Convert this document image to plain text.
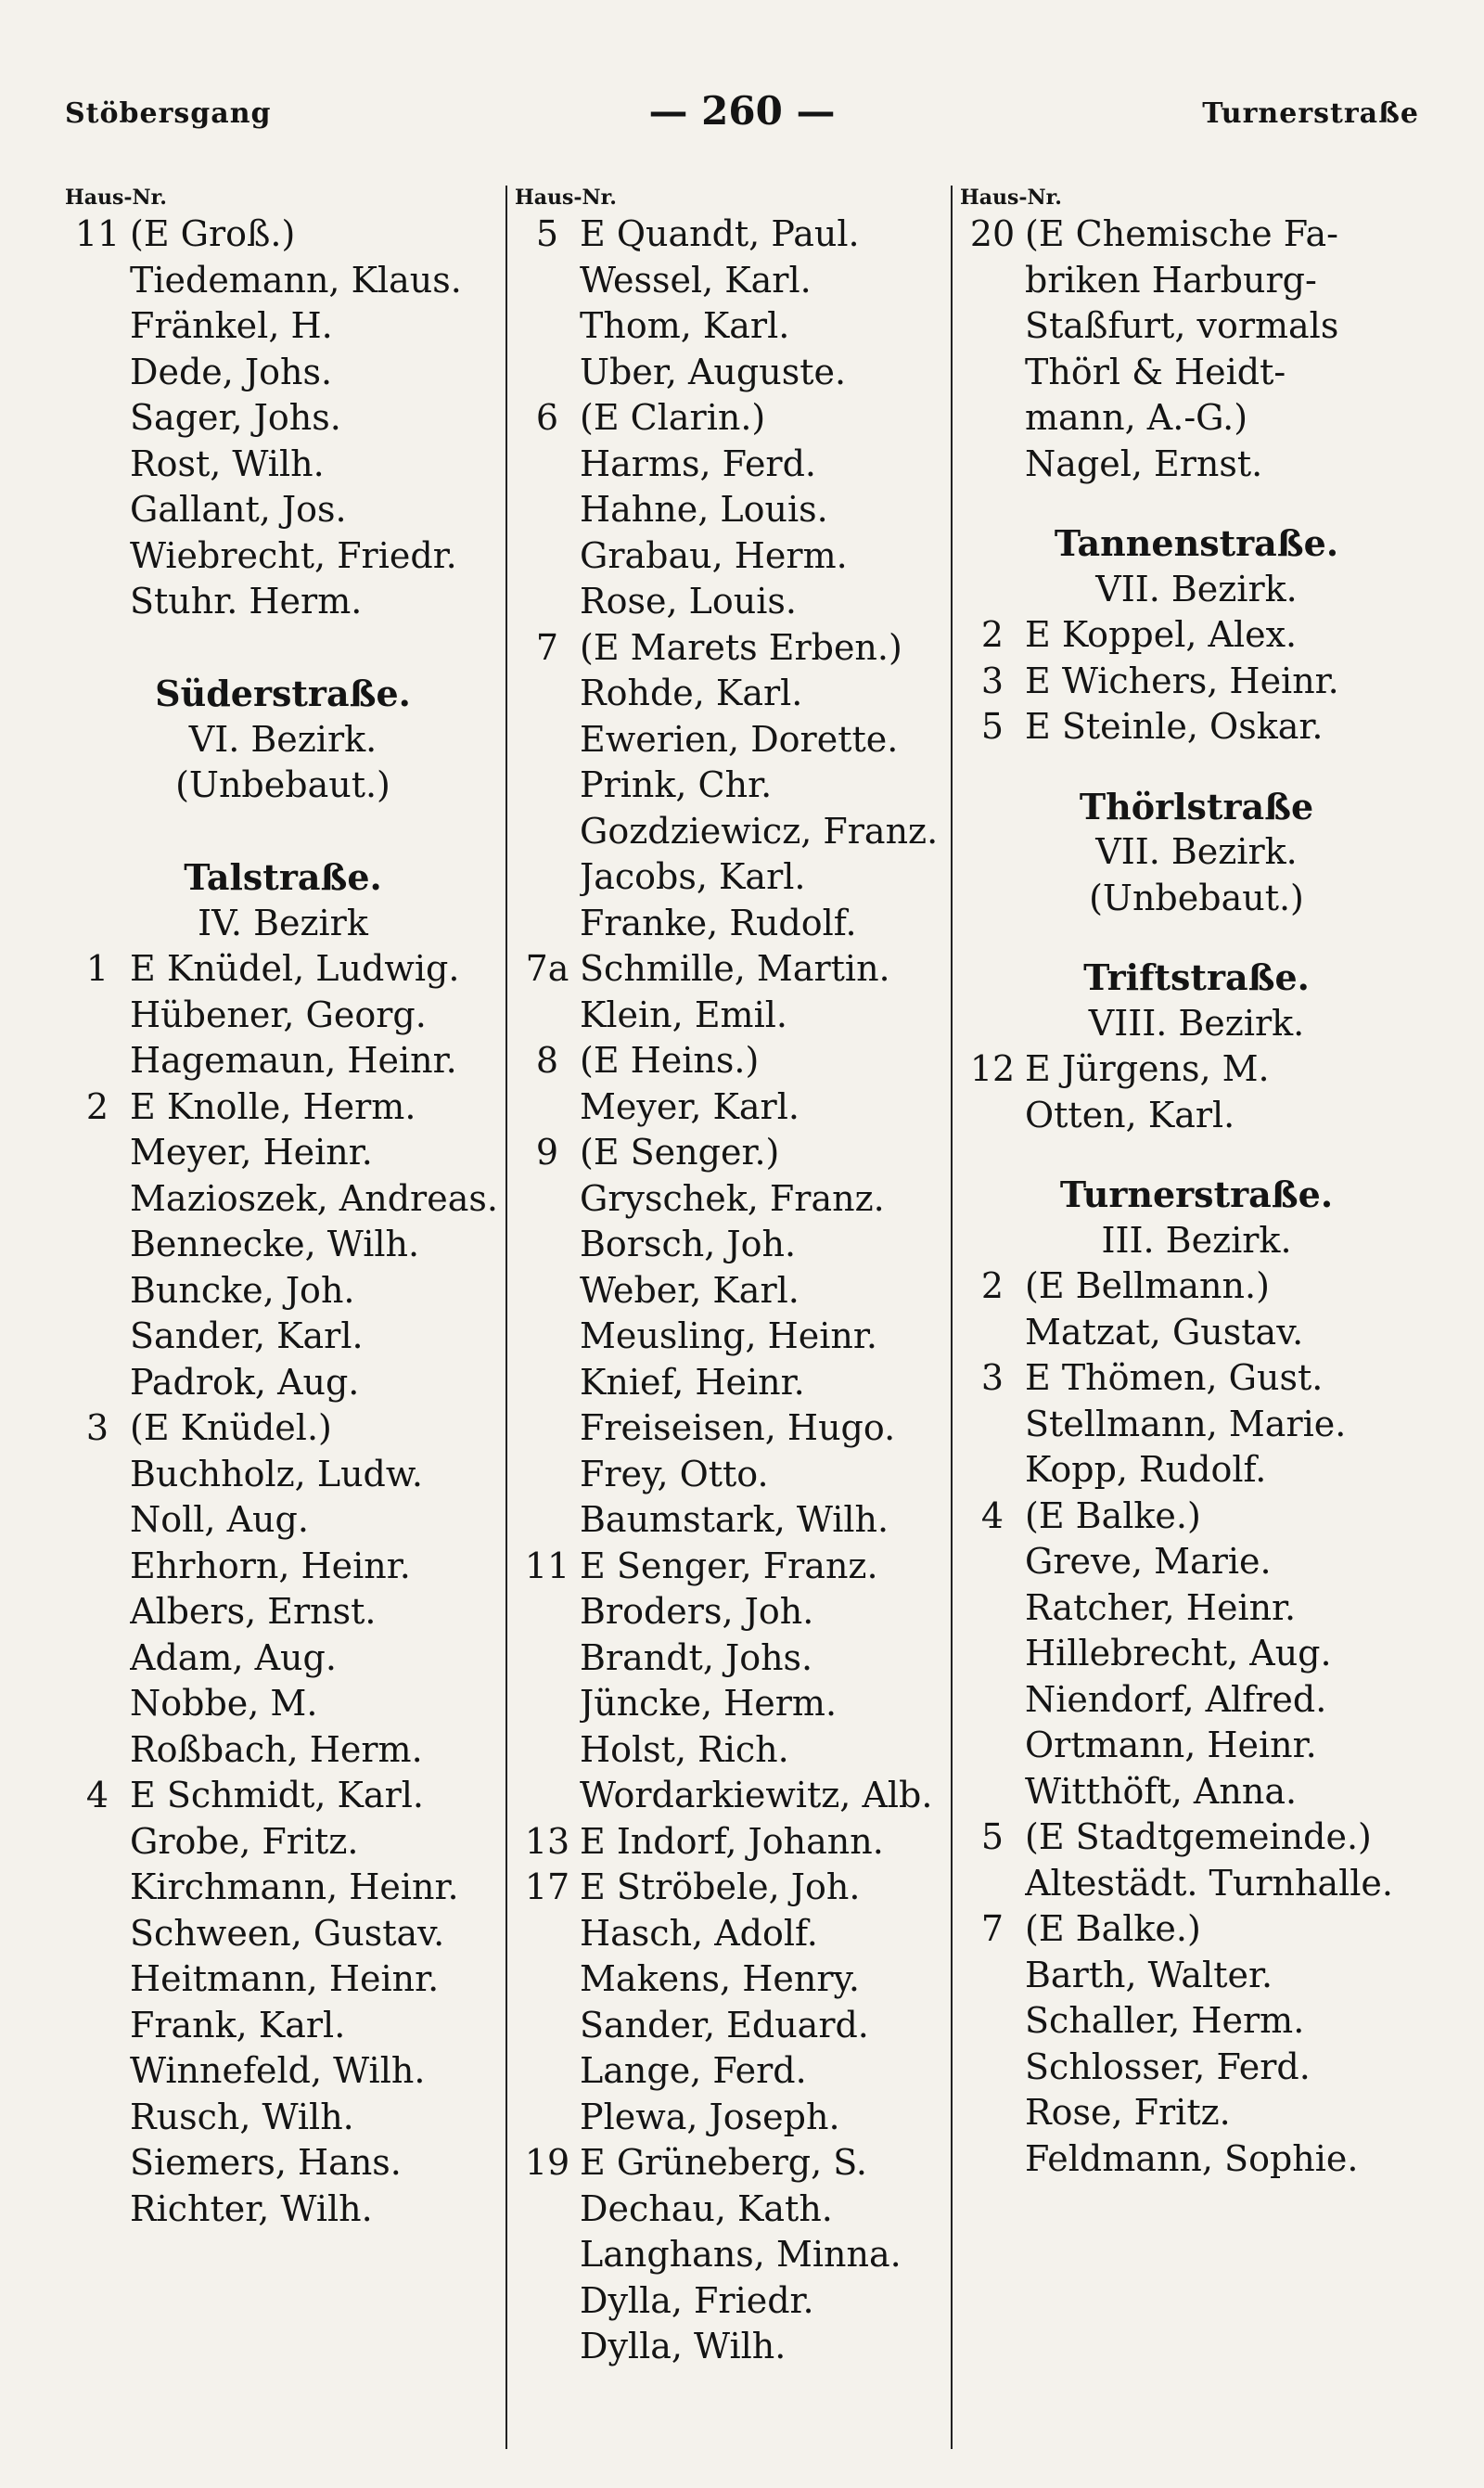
Stöbersgang	— 260 —	Turnerstraße
Haus-Nr.
11 (E Groß.)
Tiedemann, Klaus.
Fränkel, H.
Dede, Johs.
Sager, Johs.
Rost, Wilh.
Gallant, Jos.
Wiebrecht, Friedr.
Stuhr. Herm.
Süderstraße.
VI. Bezirk.
(Unbebaut.)
Talstraße.
IV. Bezirk
1 E Knüdel, Ludwig.
Hübener, Georg.
Hagemaun, Heinr.
2 E Knolle, Herm.
Meyer, Heinr.
Mazioszek, Andreas.
Bennecke, Wilh.
Buncke, Joh.
Sander, Karl.
Padrok, Aug.
3 (E Knüdel.)
Buchholz, Ludw.
Noll, Aug.
Ehrhorn, Heinr.
Albers, Ernst.
Adam, Aug.
Nobbe, M.
Roßbach, Herm.
4 E Schmidt, Karl.
Grobe, Fritz.
Kirchmann, Heinr.
Schween, Gustav.
Heitmann, Heinr.
Frank, Karl.
Winnefeld, Wilh.
Rusch, Wilh.
Siemers, Hans.
Richter, Wilh.
Haus-Nr.
5 E Quandt, Paul.
Wessel, Karl.
Thom, Karl.
Uber, Auguste.
6 (E Clarin.)
Harms, Ferd.
Hahne, Louis.
Grabau, Herm.
Rose, Louis.
7 (E Marets Erben.)
Rohde, Karl.
Ewerien, Dorette.
Prink, Chr.
Gozdziewicz, Franz.
Jacobs, Karl.
Franke, Rudolf.
7a Schmille, Martin.
Klein, Emil.
8 (E Heins.)
Meyer, Karl.
9 (E Senger.)
Gryschek, Franz.
Borsch, Joh.
Weber, Karl.
Meusling, Heinr.
Knief, Heinr.
Freiseisen, Hugo.
Frey, Otto.
Baumstark, Wilh.
11 E Senger, Franz.
Broders, Joh.
Brandt, Johs.
Jüncke, Herm.
Holst, Rich.
Wordarkiewitz, Alb.
13 E Indorf, Johann.
17 E Ströbele, Joh.
Hasch, Adolf.
Makens, Henry.
Sander, Eduard.
Lange, Ferd.
Plewa, Joseph.
19 E Grüneberg, S.
Dechau, Kath.
Langhans, Minna.
Dylla, Friedr.
Dylla, Wilh.
Haus-Nr.
20 (E Chemische Fa-
briken Harburg-
Staßfurt, vormals
Thörl & Heidt-
mann, A.-G.)
Nagel, Ernst.
Tannenstraße.
VII. Bezirk.
2 E Koppel, Alex.
3 E Wichers, Heinr.
5 E Steinle, Oskar.
Thörlstraße
VII. Bezirk.
(Unbebaut.)
Triftstraße.
VIII. Bezirk.
12 E Jürgens, M.
Otten, Karl.
Turnerstraße.
III. Bezirk.
2 (E Bellmann.)
Matzat, Gustav.
3 E Thömen, Gust.
Stellmann, Marie.
Kopp, Rudolf.
4 (E Balke.)
Greve, Marie.
Ratcher, Heinr.
Hillebrecht, Aug.
Niendorf, Alfred.
Ortmann, Heinr.
Witthöft, Anna.
5 (E Stadtgemeinde.)
Altestädt. Turnhalle.
7 (E Balke.)
Barth, Walter.
Schaller, Herm.
Schlosser, Ferd.
Rose, Fritz.
Feldmann, Sophie.
